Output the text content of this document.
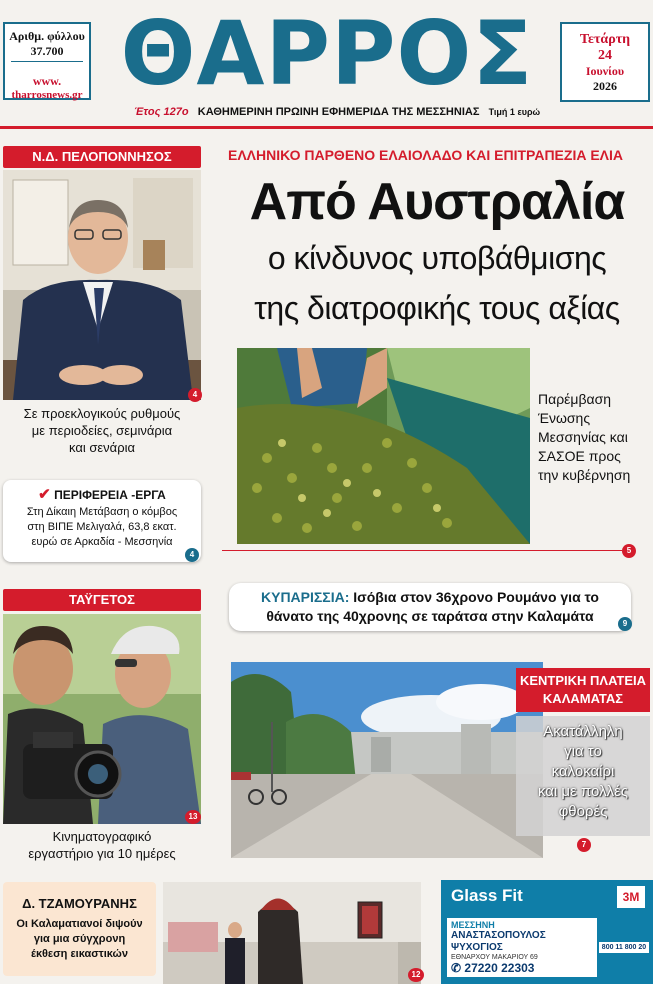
Αριθμ. φύλλου
37.700
www.
tharrosnews.gr ΘΑΡΡΟΣ	Τετάρτη
24
Ιουνίου
2026
Έτος 127ο ΚΑΘΗΜΕΡΙΝΗ ΠΡΩΙΝΗ ΕΦΗΜΕΡΙΔΑ ΤΗΣ ΜΕΣΣΗΝΙΑΣ Τιμή 1 ευρώ
Ν.Δ. ΠΕΛΟΠΟΝΝΗΣΟΣ
4
Σε προεκλογικούς ρυθμούς
με περιοδείες, σεμινάρια
και σενάρια
✔ ΠΕΡΙΦΕΡΕΙΑ -ΕΡΓΑ
Στη Δίκαιη Μετάβαση ο κόμβος
στη ΒΙΠΕ Μελιγαλά, 63,8 εκατ.
ευρώ σε Αρκαδία - Μεσσηνία
4
ΕΛΛΗΝΙΚΟ ΠΑΡΘΕΝΟ ΕΛΑΙΟΛΑΔΟ ΚΑΙ ΕΠΙΤΡΑΠΕΖΙΑ ΕΛΙΑ
Από Αυστραλία
ο κίνδυνος υποβάθμισης
της διατροφικής τους αξίας
Παρέμβαση
Ένωσης
Μεσσηνίας και
ΣΑΣΟΕ προς
την κυβέρνηση
5
ΤΑΫΓΕΤΟΣ
13
Κινηματογραφικό
εργαστήριο για 10 ημέρες
ΚΥΠΑΡΙΣΣΙΑ: Ισόβια στον 36χρονο Ρουμάνο για το
θάνατο της 40χρονης σε ταράτσα στην Καλαμάτα	9
ΚΕΝΤΡΙΚΗ ΠΛΑΤΕΙΑ
ΚΑΛΑΜΑΤΑΣ
Ακατάλληλη
για το
καλοκαίρι
και με πολλές
φθορές
7
Δ. ΤΖΑΜΟΥΡΑΝΗΣ
Οι Καλαματιανοί διψούν
για μια σύγχρονη
έκθεση εικαστικών
12
Glass Fit	3M
ΜΕΣΣΗΝΗ
ΑΝΑΣΤΑΣΟΠΟΥΛΟΣ
ΨΥΧΟΓΙΟΣ
ΕΘΝΑΡΧΟΥ ΜΑΚΑΡΙΟΥ 69
✆ 27220 22303
800 11 800 20
